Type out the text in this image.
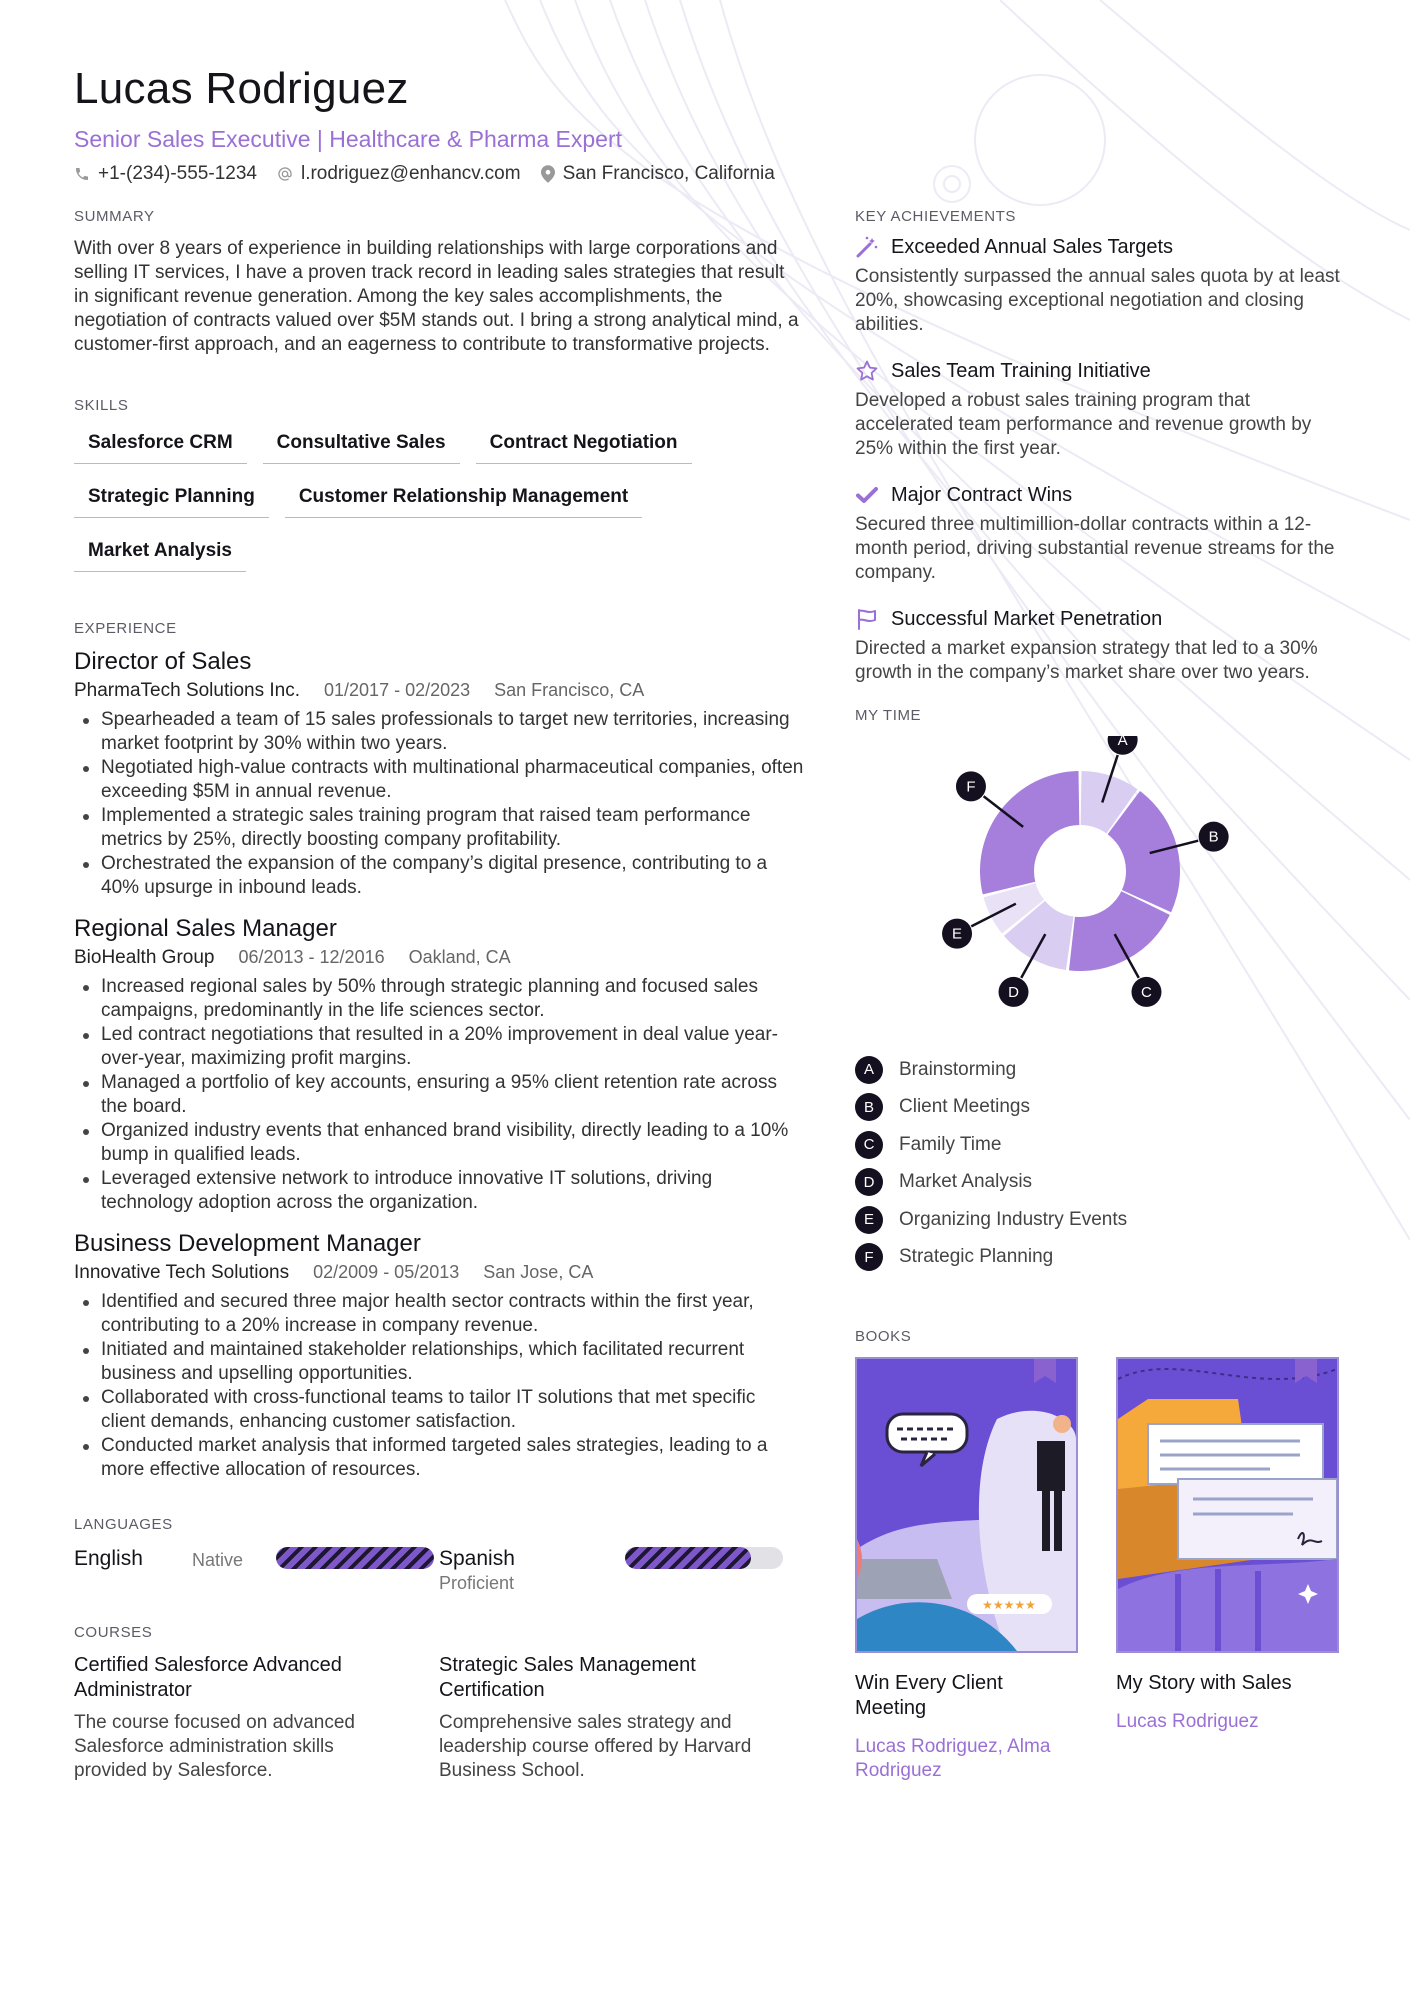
Lucas Rodriguez
Senior Sales Executive | Healthcare & Pharma Expert
+1-(234)-555-1234 l.rodriguez@enhancv.com San Francisco, California
SUMMARY

With over 8 years of experience in building relationships with large corporations and selling IT services, I have a proven track record in leading sales strategies that result in significant revenue generation. Among the key sales accomplishments, the negotiation of contracts valued over $5M stands out. I bring a strong analytical mind, a customer-first approach, and an eagerness to contribute to transformative projects.

SKILLS
Salesforce CRM	Consultative Sales	Contract Negotiation
Strategic Planning	Customer Relationship Management
Market Analysis
EXPERIENCE
Director of Sales
PharmaTech Solutions Inc. 01/2017 - 02/2023 San Francisco, CA
Spearheaded a team of 15 sales professionals to target new territories, increasing market footprint by 30% within two years.
Negotiated high-value contracts with multinational pharmaceutical companies, often exceeding $5M in annual revenue.
Implemented a strategic sales training program that raised team performance metrics by 25%, directly boosting company profitability.
Orchestrated the expansion of the company’s digital presence, contributing to a 40% upsurge in inbound leads.
Regional Sales Manager
BioHealth Group 06/2013 - 12/2016 Oakland, CA
Increased regional sales by 50% through strategic planning and focused sales campaigns, predominantly in the life sciences sector.
Led contract negotiations that resulted in a 20% improvement in deal value year-over-year, maximizing profit margins.
Managed a portfolio of key accounts, ensuring a 95% client retention rate across the board.
Organized industry events that enhanced brand visibility, directly leading to a 10% bump in qualified leads.
Leveraged extensive network to introduce innovative IT solutions, driving technology adoption across the organization.
Business Development Manager
Innovative Tech Solutions 02/2009 - 05/2013 San Jose, CA
Identified and secured three major health sector contracts within the first year, contributing to a 20% increase in company revenue.
Initiated and maintained stakeholder relationships, which facilitated recurrent business and upselling opportunities.
Collaborated with cross-functional teams to tailor IT solutions that met specific client demands, enhancing customer satisfaction.
Conducted market analysis that informed targeted sales strategies, leading to a more effective allocation of resources.
LANGUAGES
English	Native	Spanish
Proficient
COURSES
Certified Salesforce Advanced Administrator
The course focused on advanced Salesforce administration skills provided by Salesforce.
Strategic Sales Management Certification
Comprehensive sales strategy and leadership course offered by Harvard Business School.
KEY ACHIEVEMENTS
Exceeded Annual Sales Targets
Consistently surpassed the annual sales quota by at least 20%, showcasing exceptional negotiation and closing abilities.
Sales Team Training Initiative
Developed a robust sales training program that accelerated team performance and revenue growth by 25% within the first year.
Major Contract Wins
Secured three multimillion-dollar contracts within a 12-month period, driving substantial revenue streams for the company.
Successful Market Penetration
Directed a market expansion strategy that led to a 30% growth in the company’s market share over two years.
MY TIME
A
B
C
D
E
F
A	Brainstorming
B	Client Meetings
C	Family Time
D	Market Analysis
E	Organizing Industry Events
F	Strategic Planning
BOOKS
★★★★★
Win Every Client Meeting
Lucas Rodriguez, Alma Rodriguez
My Story with Sales
Lucas Rodriguez
